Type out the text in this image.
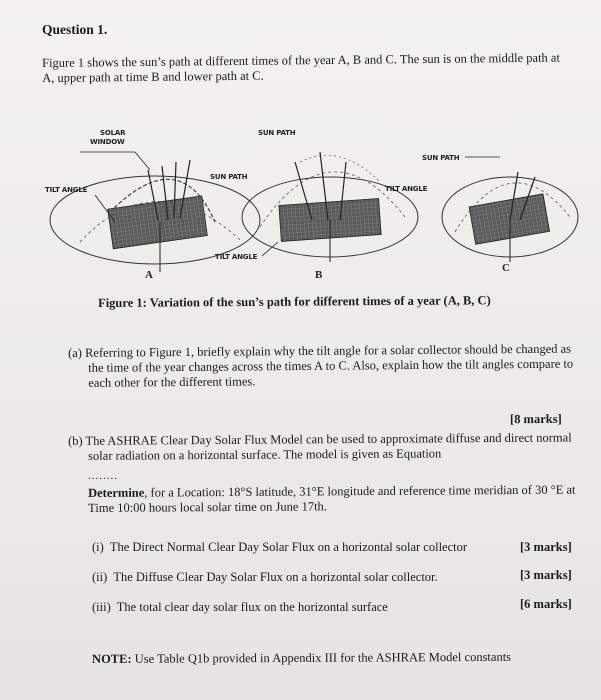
Question 1.
Figure 1 shows the sun’s path at different times of the year A, B and C. The sun is on the middle path at A, upper path at time B and lower path at C.
SOLAR
WINDOW
SUN PATH
TILT ANGLE
A
SUN PATH
TILT ANGLE
TILT ANGLE
B
SUN PATH
C
Figure 1: Variation of the sun’s path for different times of a year (A, B, C)
(a) Referring to Figure 1, briefly explain why the tilt angle for a solar collector should be changed as the time of the year changes across the times A to C. Also, explain how the tilt angles compare to each other for the different times.
[8 marks]
(b) The ASHRAE Clear Day Solar Flux Model can be used to approximate diffuse and direct normal solar radiation on a horizontal surface. The model is given as Equation
........
Determine, for a Location: 18°S latitude, 31°E longitude and reference time meridian of 30 °E at Time 10:00 hours local solar time on June 17th.
(i) The Direct Normal Clear Day Solar Flux on a horizontal solar collector	[3 marks]
(ii) The Diffuse Clear Day Solar Flux on a horizontal solar collector.	[3 marks]
(iii) The total clear day solar flux on the horizontal surface	[6 marks]
NOTE: Use Table Q1b provided in Appendix III for the ASHRAE Model constants
